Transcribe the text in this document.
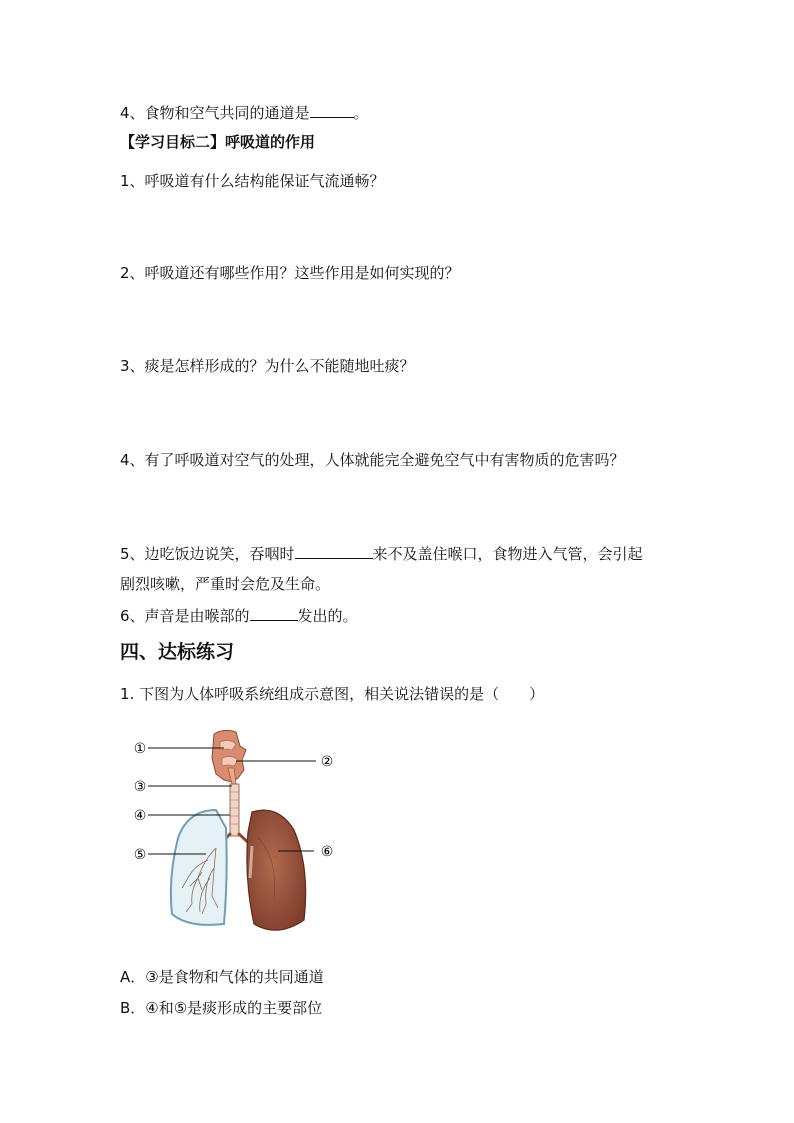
4、食物和空气共同的通道是	。
【学习目标二】呼吸道的作用
1、呼吸道有什么结构能保证气流通畅？
2、呼吸道还有哪些作用？这些作用是如何实现的？
3、痰是怎样形成的？为什么不能随地吐痰？
4、有了呼吸道对空气的处理，人体就能完全避免空气中有害物质的危害吗？
5、边吃饭边说笑，吞咽时	来不及盖住喉口，食物进入气管，会引起
剧烈咳嗽，严重时会危及生命。
6、声音是由喉部的	发出的。
四、达标练习
1. 下图为人体呼吸系统组成示意图，相关说法错误的是（　　）
①
②
③
④
⑤	⑥
A．③是食物和气体的共同通道
B．④和⑤是痰形成的主要部位
